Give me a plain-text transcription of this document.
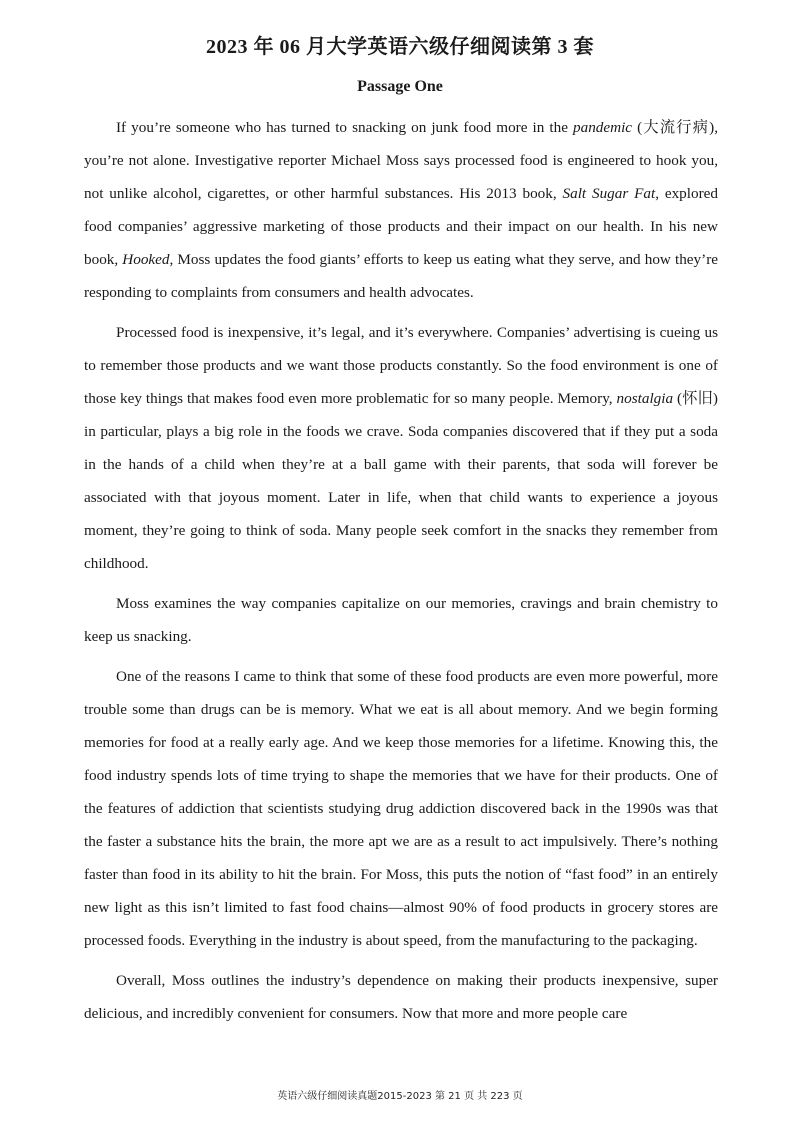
2023 年 06 月大学英语六级仔细阅读第 3 套
Passage One

If you’re someone who has turned to snacking on junk food more in the pandemic (大流行病), you’re not alone. Investigative reporter Michael Moss says processed food is engineered to hook you, not unlike alcohol, cigarettes, or other harmful substances. His 2013 book, Salt Sugar Fat, explored food companies’ aggressive marketing of those products and their impact on our health. In his new book, Hooked, Moss updates the food giants’ efforts to keep us eating what they serve, and how they’re responding to complaints from consumers and health advocates.

Processed food is inexpensive, it’s legal, and it’s everywhere. Companies’ advertising is cueing us to remember those products and we want those products constantly. So the food environment is one of those key things that makes food even more problematic for so many people. Memory, nostalgia (怀旧) in particular, plays a big role in the foods we crave. Soda companies discovered that if they put a soda in the hands of a child when they’re at a ball game with their parents, that soda will forever be associated with that joyous moment. Later in life, when that child wants to experience a joyous moment, they’re going to think of soda. Many people seek comfort in the snacks they remember from childhood.

Moss examines the way companies capitalize on our memories, cravings and brain chemistry to keep us snacking.

One of the reasons I came to think that some of these food products are even more powerful, more trouble some than drugs can be is memory. What we eat is all about memory. And we begin forming memories for food at a really early age. And we keep those memories for a lifetime. Knowing this, the food industry spends lots of time trying to shape the memories that we have for their products. One of the features of addiction that scientists studying drug addiction discovered back in the 1990s was that the faster a substance hits the brain, the more apt we are as a result to act impulsively. There’s nothing faster than food in its ability to hit the brain. For Moss, this puts the notion of “fast food” in an entirely new light as this isn’t limited to fast food chains—almost 90% of food products in grocery stores are processed foods. Everything in the industry is about speed, from the manufacturing to the packaging.

Overall, Moss outlines the industry’s dependence on making their products inexpensive, super delicious, and incredibly convenient for consumers. Now that more and more people care

英语六级仔细阅读真题2015-2023 第 21 页 共 223 页
